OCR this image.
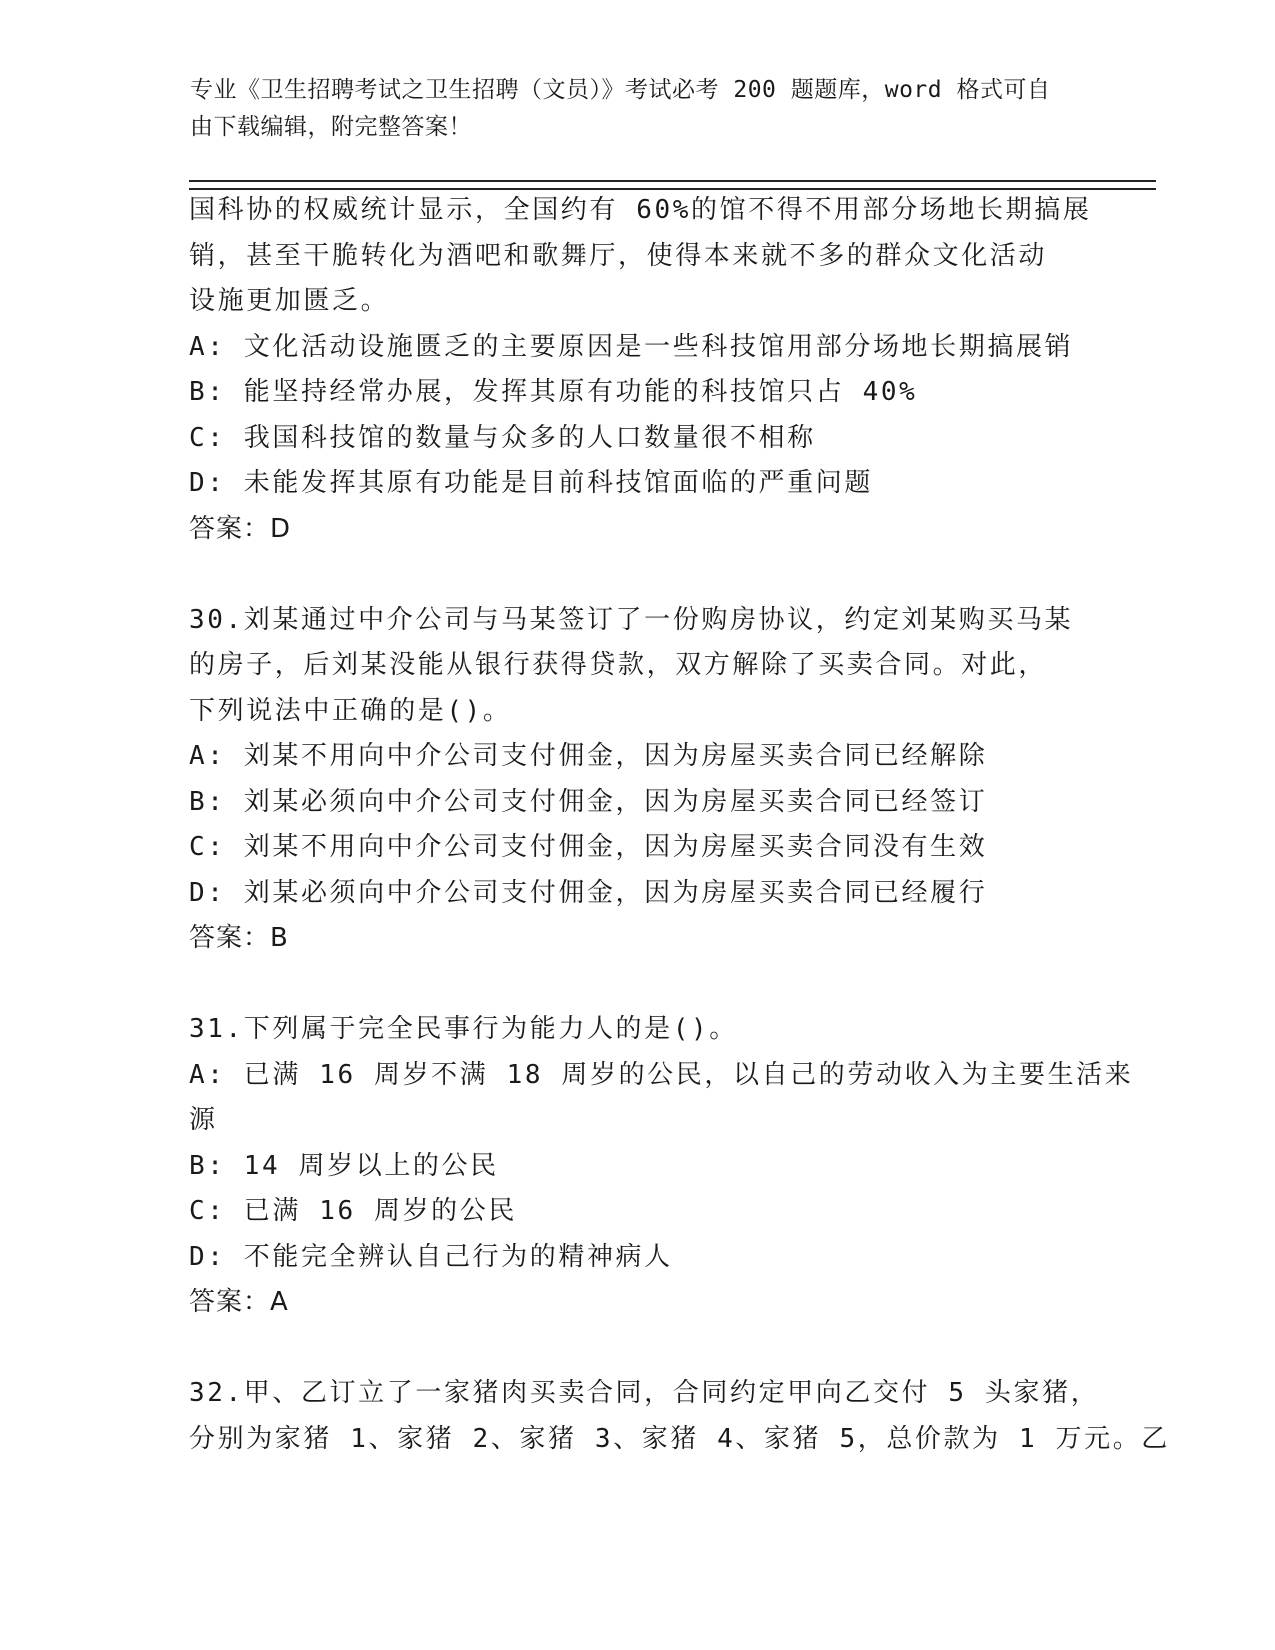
专业《卫生招聘考试之卫生招聘（文员）》考试必考 200 题题库，word 格式可自
由下载编辑，附完整答案！
国科协的权威统计显示，全国约有 60%的馆不得不用部分场地长期搞展
销，甚至干脆转化为酒吧和歌舞厅，使得本来就不多的群众文化活动
设施更加匮乏。
A: 文化活动设施匮乏的主要原因是一些科技馆用部分场地长期搞展销
B: 能坚持经常办展，发挥其原有功能的科技馆只占 40%
C: 我国科技馆的数量与众多的人口数量很不相称
D: 未能发挥其原有功能是目前科技馆面临的严重问题
答案：D
30.刘某通过中介公司与马某签订了一份购房协议，约定刘某购买马某
的房子，后刘某没能从银行获得贷款，双方解除了买卖合同。对此，
下列说法中正确的是()。
A: 刘某不用向中介公司支付佣金，因为房屋买卖合同已经解除
B: 刘某必须向中介公司支付佣金，因为房屋买卖合同已经签订
C: 刘某不用向中介公司支付佣金，因为房屋买卖合同没有生效
D: 刘某必须向中介公司支付佣金，因为房屋买卖合同已经履行
答案：B
31.下列属于完全民事行为能力人的是()。
A: 已满 16 周岁不满 18 周岁的公民，以自己的劳动收入为主要生活来
源
B: 14 周岁以上的公民
C: 已满 16 周岁的公民
D: 不能完全辨认自己行为的精神病人
答案：A
32.甲、乙订立了一家猪肉买卖合同，合同约定甲向乙交付 5 头家猪，
分别为家猪 1、家猪 2、家猪 3、家猪 4、家猪 5，总价款为 1 万元。乙
